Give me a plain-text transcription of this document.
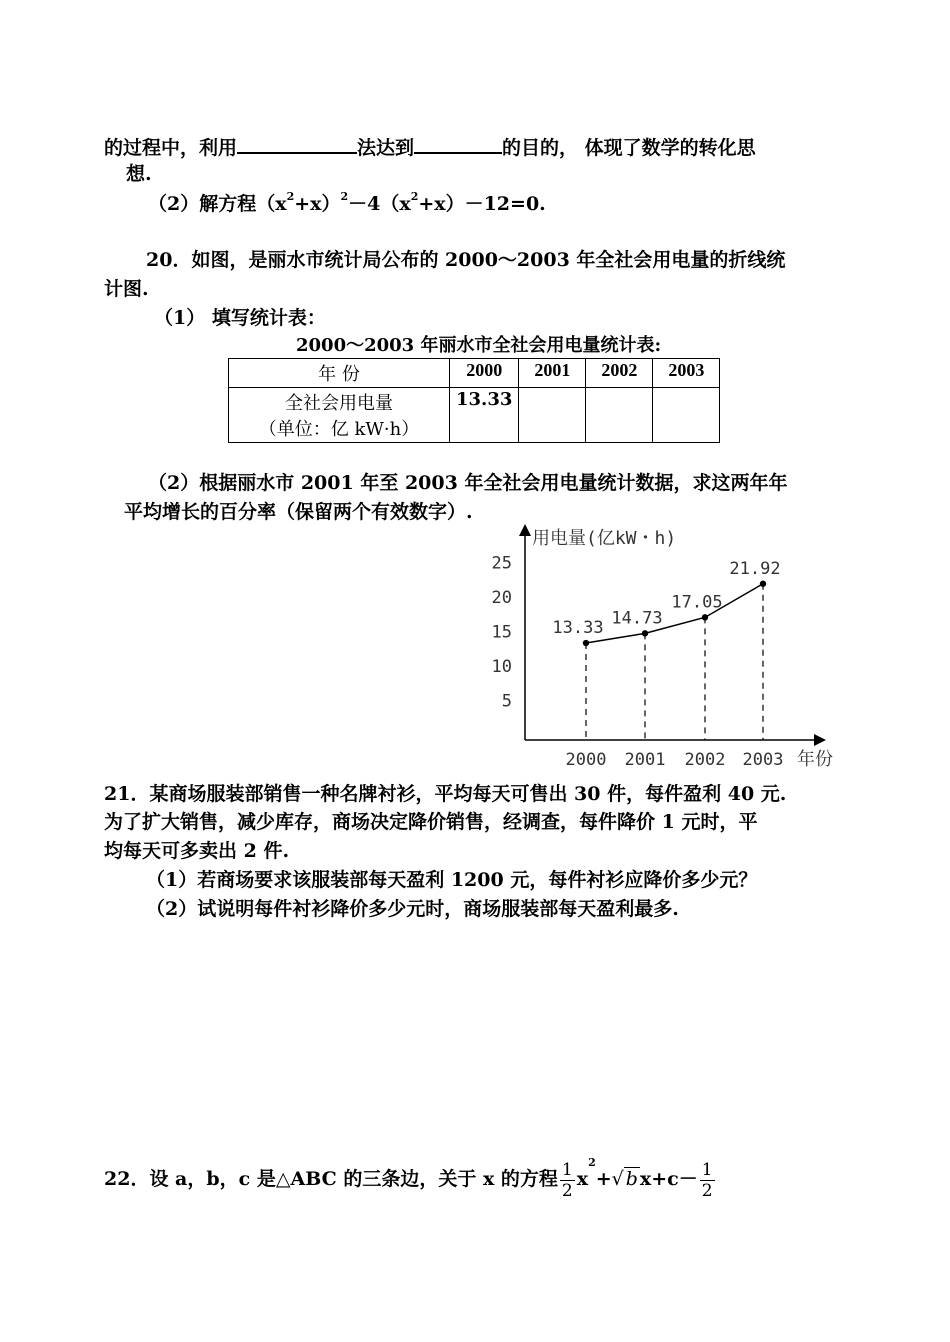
的过程中，利用	法达到	的目的， 体现了数学的转化思
想.
（2）解方程$(x^2+x)^2-4(x^2+x)-12=0$.
20．如图，是丽水市统计局公布的 2000～2003 年全社会用电量的折线统
计图.
（1） 填写统计表：
2000～2003 年丽水市全社会用电量统计表:
年 份	2000	2001	2002	2003

全社会用电量
（单位：亿 kW·h）	13.33			
（2）根据丽水市 2001 年至 2003 年全社会用电量统计数据，求这两年年
平均增长的百分率（保留两个有效数字）.
用电量(亿kW・h)
年份
5
10
15
20
25
2000 2001 2002 2003
13.33 14.73
17.05
21.92
21．某商场服装部销售一种名牌衬衫，平均每天可售出 30 件，每件盈利 40 元.
为了扩大销售，减少库存，商场决定降价销售，经调查，每件降价 1 元时，平
均每天可多卖出 2 件.
（1）若商场要求该服装部每天盈利 1200 元，每件衬衫应降价多少元？
（2）试说明每件衬衫降价多少元时，商场服装部每天盈利最多.
22．设 a，b，c 是△ABC 的三条边，关于 x 的方程 $\frac{1}{2} x^2+√$ b $x+c- \frac{1}{2}$
